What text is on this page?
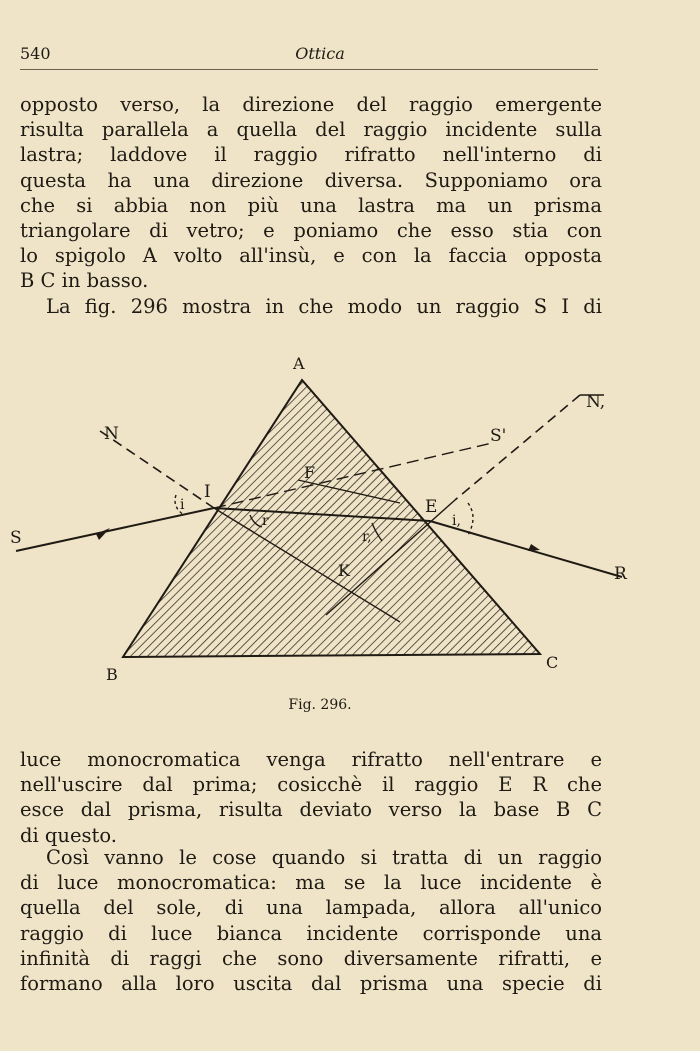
540	Ottica
opposto verso, la direzione del raggio emergente
risulta parallela a quella del raggio incidente sulla
lastra; laddove il raggio rifratto nell'interno di
questa ha una direzione diversa. Supponiamo ora
che si abbia non più una lastra ma un prisma
triangolare di vetro; e poniamo che esso stia con
lo spigolo A volto all'insù, e con la faccia opposta
B C in basso.
La fig. 296 mostra in che modo un raggio S I di
A
B
C
S
R
N
N,
S'
I
E
F
K
i
r
r,
i,
Fig. 296.
luce monocromatica venga rifratto nell'entrare e
nell'uscire dal prima; cosicchè il raggio E R che
esce dal prisma, risulta deviato verso la base B C
di questo.
Così vanno le cose quando si tratta di un raggio
di luce monocromatica: ma se la luce incidente è
quella del sole, di una lampada, allora all'unico
raggio di luce bianca incidente corrisponde una
infinità di raggi che sono diversamente rifratti, e
formano alla loro uscita dal prisma una specie di
